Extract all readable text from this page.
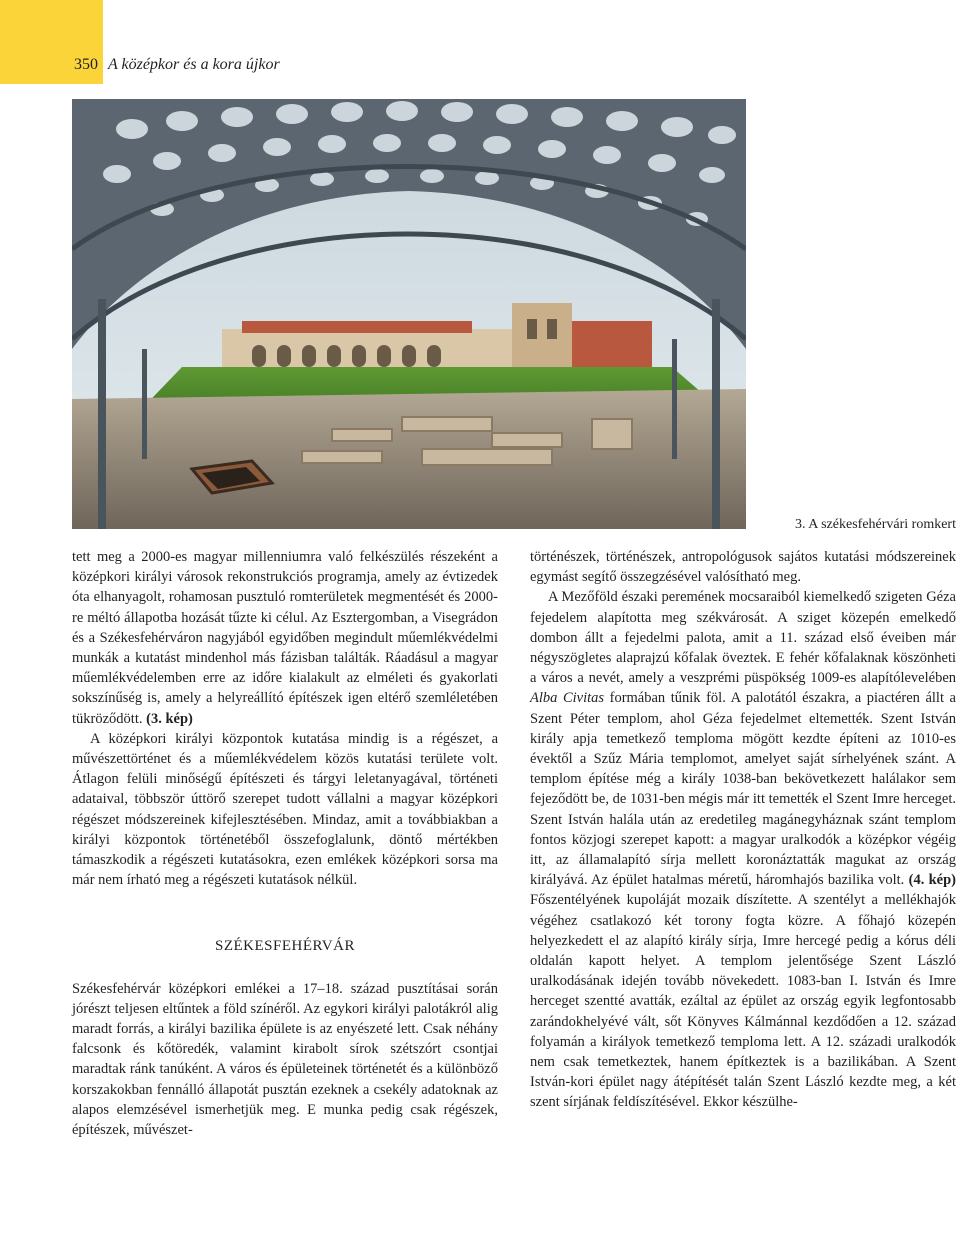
350 A középkor és a kora újkor
3. A székesfehérvári romkert

tett meg a 2000-es magyar millenniumra való felkészülés részeként a középkori királyi városok rekonstrukciós programja, amely az évtizedek óta elhanyagolt, rohamosan pusztuló romterületek megmentését és 2000-re méltó állapotba hozását tűzte ki célul. Az Esztergomban, a Visegrádon és a Székesfehérváron nagyjából egyidőben megindult műemlékvédelmi munkák a kutatást mindenhol más fázisban találták. Ráadásul a magyar műemlékvédelemben erre az időre kialakult az elméleti és gyakorlati sokszínűség is, amely a helyreállító építészek igen eltérő szemléletében tükröződött. (3. kép)

A középkori királyi központok kutatása mindig is a régészet, a művészettörténet és a műemlékvédelem közös kutatási területe volt. Átlagon felüli minőségű építészeti és tárgyi leletanyagával, történeti adataival, többször úttörő szerepet tudott vállalni a magyar középkori régészet módszereinek kifejlesztésében. Mindaz, amit a továbbiakban a királyi központok történetéből összefoglalunk, döntő mértékben támaszkodik a régészeti kutatásokra, ezen emlékek középkori sorsa ma már nem írható meg a régészeti kutatások nélkül.

SZÉKESFEHÉRVÁR

Székesfehérvár középkori emlékei a 17–18. század pusztításai során jórészt teljesen eltűntek a föld színéről. Az egykori királyi palotákról alig maradt forrás, a királyi bazilika épülete is az enyészeté lett. Csak néhány falcsonk és kőtöredék, valamint kirabolt sírok szétszórt csontjai maradtak ránk tanúként. A város és épületeinek történetét és a különböző korszakokban fennálló állapotát pusztán ezeknek a csekély adatoknak az alapos elemzésével ismerhetjük meg. E munka pedig csak régészek, építészek, művészet-

történészek, történészek, antropológusok sajátos kutatási módszereinek egymást segítő összegzésével valósítható meg.

A Mezőföld északi peremének mocsaraiból kiemelkedő szigeten Géza fejedelem alapította meg székvárosát. A sziget közepén emelkedő dombon állt a fejedelmi palota, amit a 11. század első éveiben már négyszögletes alaprajzú kőfalak öveztek. E fehér kőfalaknak köszönheti a város a nevét, amely a veszprémi püspökség 1009-es alapítólevelében Alba Civitas formában tűnik föl. A palotától északra, a piactéren állt a Szent Péter templom, ahol Géza fejedelmet eltemették. Szent István király apja temetkező temploma mögött kezdte építeni az 1010-es évektől a Szűz Mária templomot, amelyet saját sírhelyének szánt. A templom építése még a király 1038-ban bekövetkezett halálakor sem fejeződött be, de 1031-ben mégis már itt temették el Szent Imre herceget. Szent István halála után az eredetileg magánegyháznak szánt templom fontos közjogi szerepet kapott: a magyar uralkodók a középkor végéig itt, az államalapító sírja mellett koronáztatták magukat az ország királyává. Az épület hatalmas méretű, háromhajós bazilika volt. (4. kép) Főszentélyének kupoláját mozaik díszítette. A szentélyt a mellékhajók végéhez csatlakozó két torony fogta közre. A főhajó közepén helyezkedett el az alapító király sírja, Imre hercegé pedig a kórus déli oldalán kapott helyet. A templom jelentősége Szent László uralkodásának idején tovább növekedett. 1083-ban I. István és Imre herceget szentté avatták, ezáltal az épület az ország egyik legfontosabb zarándokhelyévé vált, sőt Könyves Kálmánnal kezdődően a 12. század folyamán a királyok temetkező temploma lett. A 12. századi uralkodók nem csak temetkeztek, hanem építkeztek is a bazilikában. A Szent István-kori épület nagy átépítését talán Szent László kezdte meg, a két szent sírjának feldíszítésével. Ekkor készülhe-
